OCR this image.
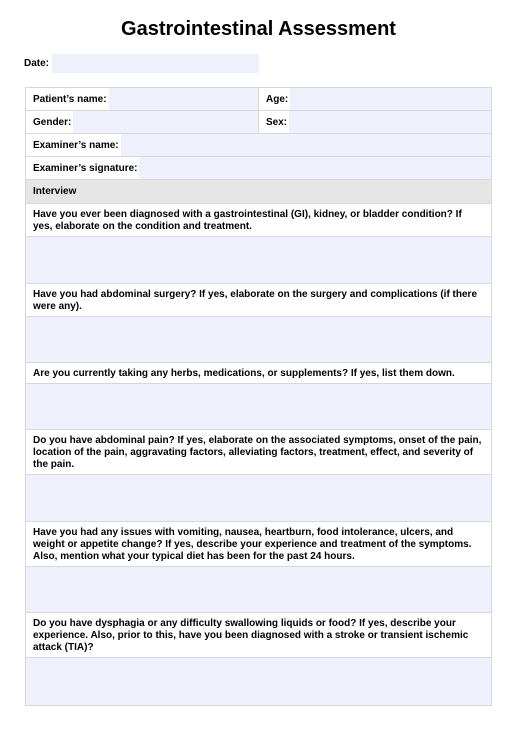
Gastrointestinal Assessment
Date:
Patient’s name:	Age:
Gender:	Sex:
Examiner’s name:
Examiner’s signature:
Interview
Have you ever been diagnosed with a gastrointestinal (GI), kidney, or bladder condition? If yes, elaborate on the condition and treatment.
Have you had abdominal surgery? If yes, elaborate on the surgery and complications (if there were any).
Are you currently taking any herbs, medications, or supplements? If yes, list them down.
Do you have abdominal pain? If yes, elaborate on the associated symptoms, onset of the pain, location of the pain, aggravating factors, alleviating factors, treatment, effect, and severity of the pain.
Have you had any issues with vomiting, nausea, heartburn, food intolerance, ulcers, and weight or appetite change? If yes, describe your experience and treatment of the symptoms. Also, mention what your typical diet has been for the past 24 hours.
Do you have dysphagia or any difficulty swallowing liquids or food? If yes, describe your experience. Also, prior to this, have you been diagnosed with a stroke or transient ischemic attack (TIA)?
